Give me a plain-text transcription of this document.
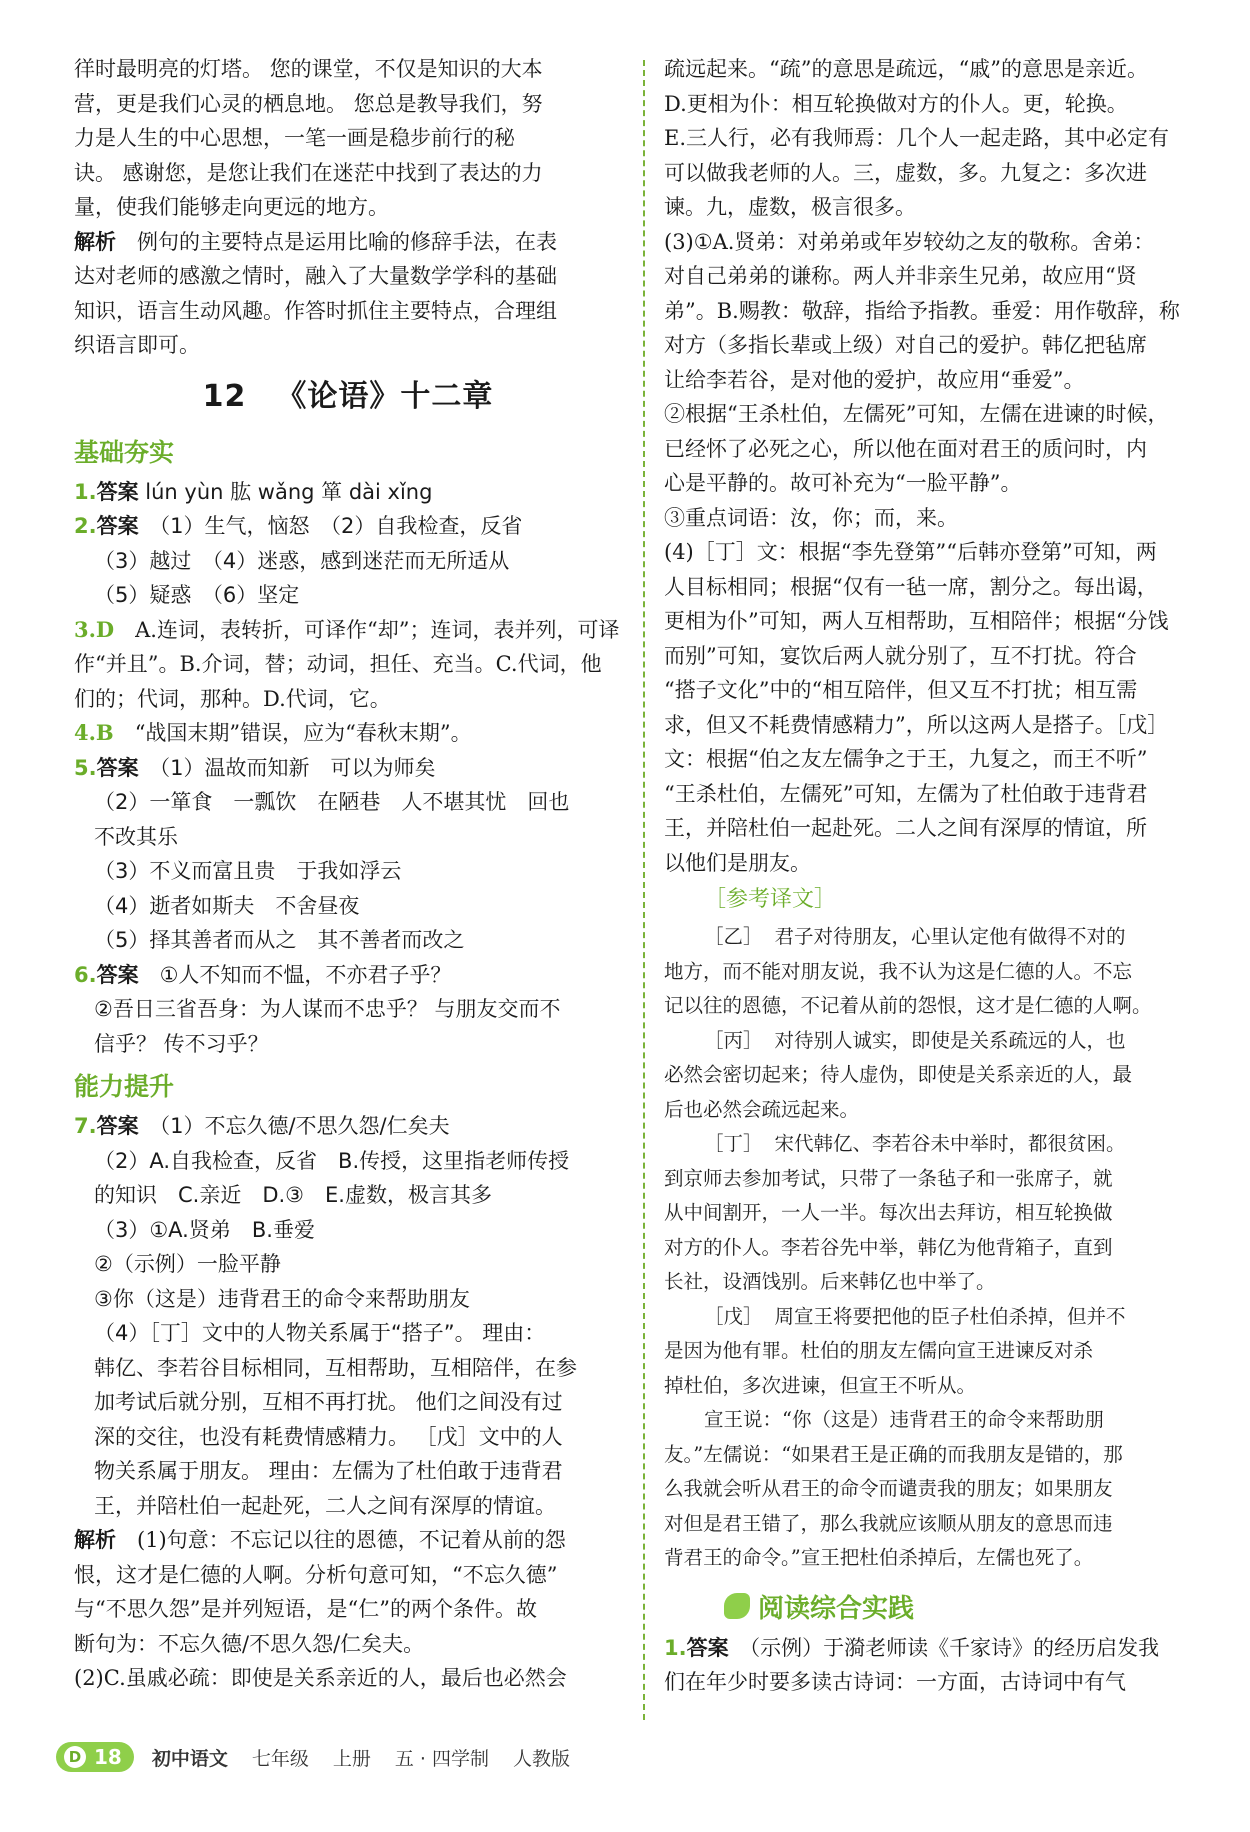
徉时最明亮的灯塔。 您的课堂，不仅是知识的大本

营，更是我们心灵的栖息地。 您总是教导我们，努

力是人生的中心思想，一笔一画是稳步前行的秘

诀。 感谢您，是您让我们在迷茫中找到了表达的力

量，使我们能够走向更远的地方。

解析　 例句的主要特点是运用比喻的修辞手法，在表

达对老师的感激之情时，融入了大量数学学科的基础

知识，语言生动风趣。作答时抓住主要特点，合理组

织语言即可。

12 《论语》十二章
基础夯实

1.答案 lún yùn 肱 wǎng 箪 dài xǐng

2.答案　 （1）生气，恼怒　（2）自我检查，反省

（3）越过　（4）迷惑，感到迷茫而无所适从

（5）疑惑　（6）坚定

3.D　 A.连词，表转折，可译作“却”；连词，表并列，可译

作“并且”。B.介词，替；动词，担任、充当。C.代词，他

们的；代词，那种。D.代词，它。

4.B　 “战国末期”错误，应为“春秋末期”。

5.答案　 （1）温故而知新　可以为师矣

（2）一箪食　一瓢饮　在陋巷　人不堪其忧　回也

不改其乐

（3）不义而富且贵　于我如浮云

（4）逝者如斯夫　不舍昼夜

（5）择其善者而从之　其不善者而改之

6.答案　 ①人不知而不愠，不亦君子乎？

②吾日三省吾身：为人谋而不忠乎？ 与朋友交而不

信乎？ 传不习乎？

能力提升

7.答案　 （1）不忘久德/不思久怨/仁矣夫

（2）A.自我检查，反省　B.传授，这里指老师传授

的知识　C.亲近　D.③　E.虚数，极言其多

（3）①A.贤弟　B.垂爱

②（示例）一脸平静

③你（这是）违背君王的命令来帮助朋友

（4）［丁］文中的人物关系属于“搭子”。 理由：

韩亿、李若谷目标相同，互相帮助，互相陪伴，在参

加考试后就分别，互相不再打扰。 他们之间没有过

深的交往，也没有耗费情感精力。 ［戊］文中的人

物关系属于朋友。 理由：左儒为了杜伯敢于违背君

王，并陪杜伯一起赴死，二人之间有深厚的情谊。

解析　 (1)句意：不忘记以往的恩德，不记着从前的怨

恨，这才是仁德的人啊。分析句意可知，“不忘久德”

与“不思久怨”是并列短语，是“仁”的两个条件。故

断句为：不忘久德/不思久怨/仁矣夫。

(2)C.虽戚必疏：即使是关系亲近的人，最后也必然会

疏远起来。“疏”的意思是疏远，“戚”的意思是亲近。

D.更相为仆：相互轮换做对方的仆人。更，轮换。

E.三人行，必有我师焉：几个人一起走路，其中必定有

可以做我老师的人。三，虚数，多。九复之：多次进

谏。九，虚数，极言很多。

(3)①A.贤弟：对弟弟或年岁较幼之友的敬称。舍弟：

对自己弟弟的谦称。两人并非亲生兄弟，故应用“贤

弟”。B.赐教：敬辞，指给予指教。垂爱：用作敬辞，称

对方（多指长辈或上级）对自己的爱护。韩亿把毡席

让给李若谷，是对他的爱护，故应用“垂爱”。

②根据“王杀杜伯，左儒死”可知，左儒在进谏的时候，

已经怀了必死之心，所以他在面对君王的质问时，内

心是平静的。故可补充为“一脸平静”。

③重点词语：汝，你；而，来。

(4)［丁］文：根据“李先登第”“后韩亦登第”可知，两

人目标相同；根据“仅有一毡一席，割分之。每出谒，

更相为仆”可知，两人互相帮助，互相陪伴；根据“分饯

而别”可知，宴饮后两人就分别了，互不打扰。符合

“搭子文化”中的“相互陪伴，但又互不打扰；相互需

求，但又不耗费情感精力”，所以这两人是搭子。［戊］

文：根据“伯之友左儒争之于王，九复之，而王不听”

“王杀杜伯，左儒死”可知，左儒为了杜伯敢于违背君

王，并陪杜伯一起赴死。二人之间有深厚的情谊，所

以他们是朋友。

［参考译文］

［乙］ 君子对待朋友，心里认定他有做得不对的

地方，而不能对朋友说，我不认为这是仁德的人。不忘

记以往的恩德，不记着从前的怨恨，这才是仁德的人啊。

［丙］ 对待别人诚实，即使是关系疏远的人，也

必然会密切起来；待人虚伪，即使是关系亲近的人，最

后也必然会疏远起来。

［丁］ 宋代韩亿、李若谷未中举时，都很贫困。

到京师去参加考试，只带了一条毡子和一张席子，就

从中间割开，一人一半。每次出去拜访，相互轮换做

对方的仆人。李若谷先中举，韩亿为他背箱子，直到

长社，设酒饯别。后来韩亿也中举了。

［戊］ 周宣王将要把他的臣子杜伯杀掉，但并不

是因为他有罪。杜伯的朋友左儒向宣王进谏反对杀

掉杜伯，多次进谏，但宣王不听从。

宣王说：“你（这是）违背君王的命令来帮助朋

友。”左儒说：“如果君王是正确的而我朋友是错的，那

么我就会听从君王的命令而谴责我的朋友；如果朋友

对但是君王错了，那么我就应该顺从朋友的意思而违

背君王的命令。”宣王把杜伯杀掉后，左儒也死了。

阅读综合实践

1.答案　 （示例）于漪老师读《千家诗》的经历启发我

们在年少时要多读古诗词：一方面，古诗词中有气

D 18 初中语文 七年级 上册 五 · 四学制 人教版
